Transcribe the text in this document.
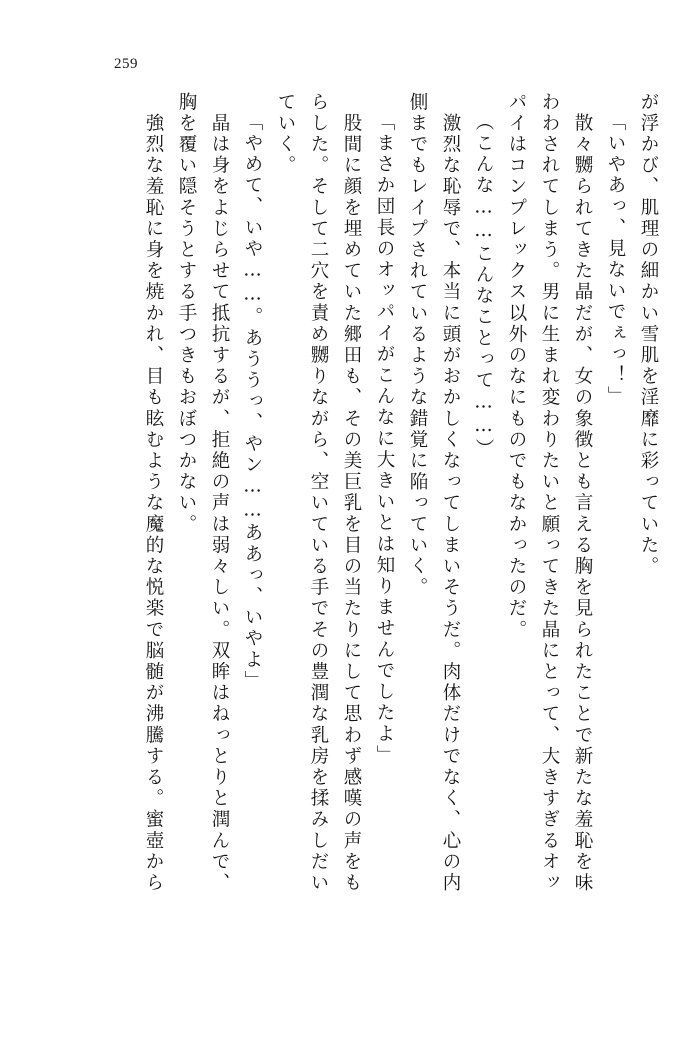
259
が浮かび、肌理の細かい雪肌を淫靡に彩っていた。
「いやあっ、見ないでぇっ！」
　散々嬲られてきた晶だが、女の象徴とも言える胸を見られたことで新たな羞恥を味
わわされてしまう。男に生まれ変わりたいと願ってきた晶にとって、大きすぎるオッ
パイはコンプレックス以外のなにものでもなかったのだ。
（こんな……こんなことって……）
　激烈な恥辱で、本当に頭がおかしくなってしまいそうだ。肉体だけでなく、心の内
側までもレイプされているような錯覚に陥っていく。
「まさか団長のオッパイがこんなに大きいとは知りませんでしたよ」
　股間に顔を埋めていた郷田も、その美巨乳を目の当たりにして思わず感嘆の声をも
らした。そして二穴を責め嬲りながら、空いている手でその豊潤な乳房を揉みしだい
ていく。
「やめて、いや……。あううっ、やン……ああっ、いやよ」
　晶は身をよじらせて抵抗するが、拒絶の声は弱々しい。双眸はねっとりと潤んで、
胸を覆い隠そうとする手つきもおぼつかない。
　強烈な羞恥に身を焼かれ、目も眩むような魔的な悦楽で脳髄が沸騰する。蜜壺から
